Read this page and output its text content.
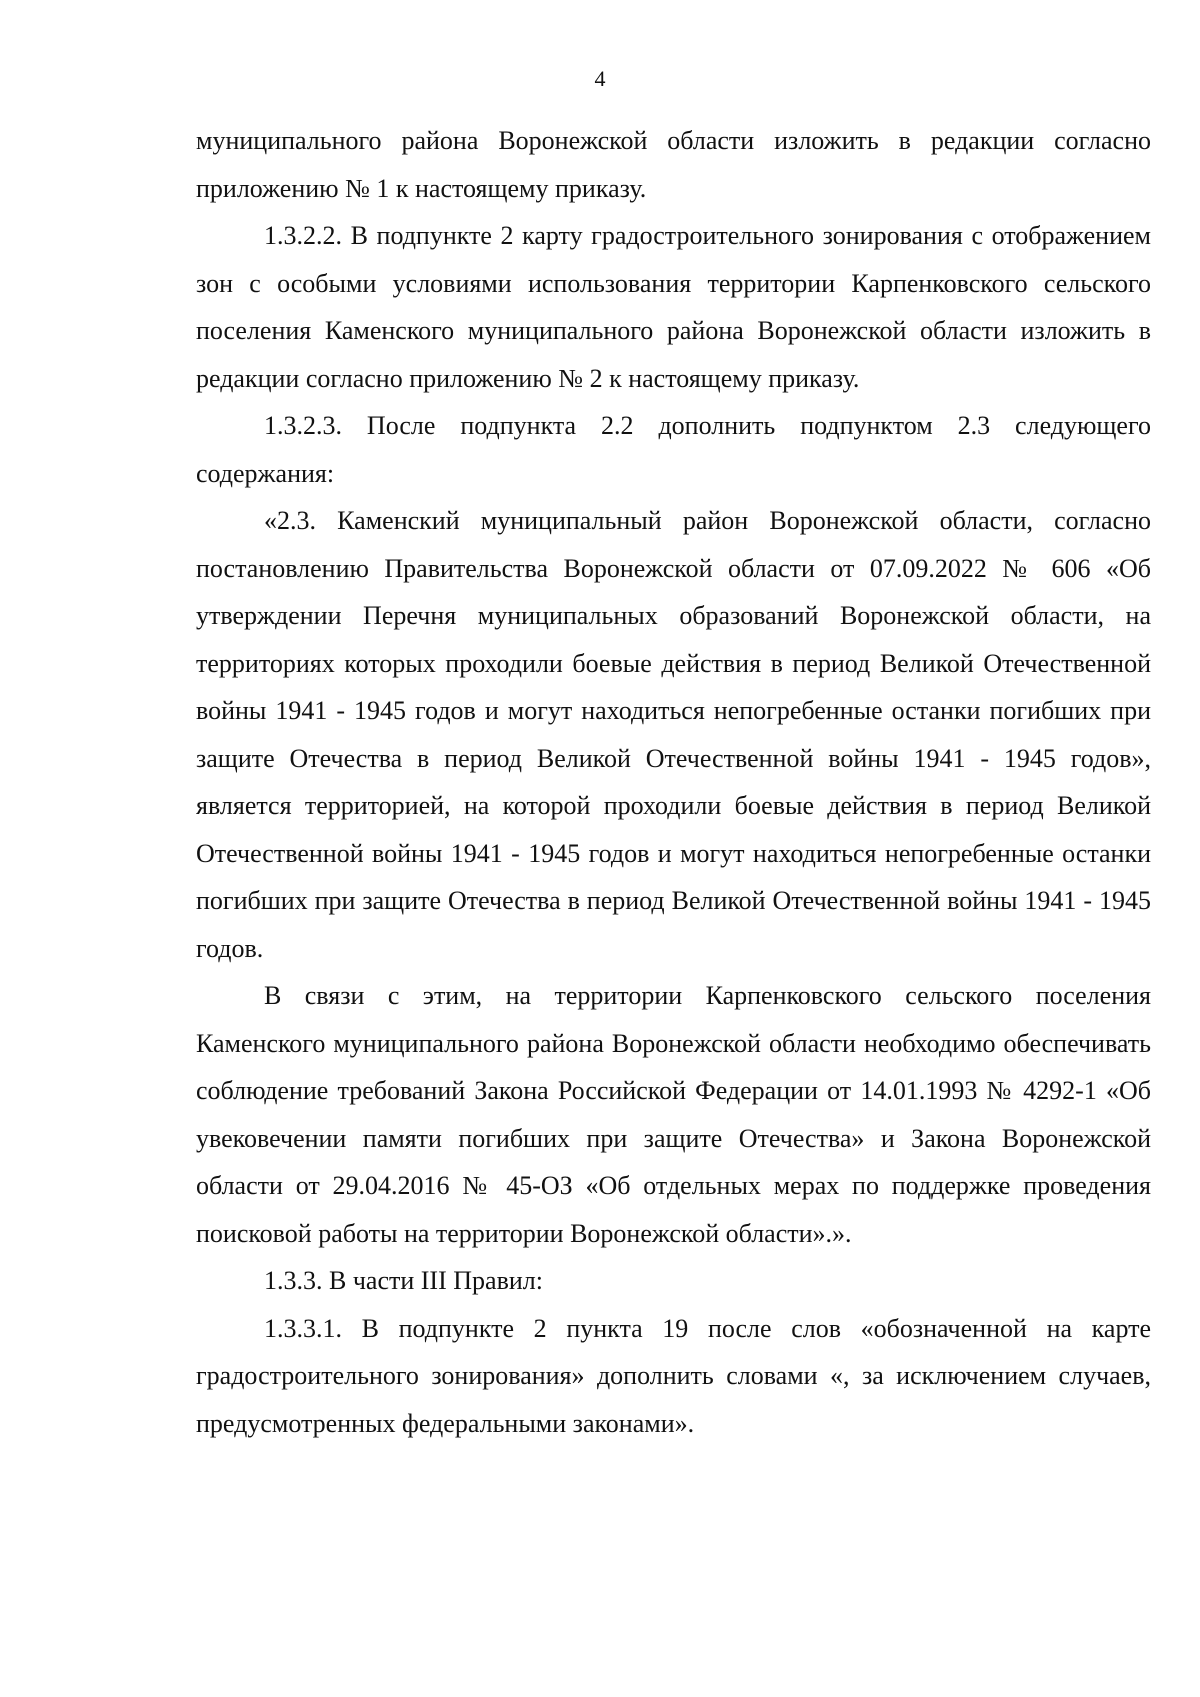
4

муниципального района Воронежской области изложить в редакции согласно приложению № 1 к настоящему приказу.

1.3.2.2. В подпункте 2 карту градостроительного зонирования с отображением зон с особыми условиями использования территории Карпенковского сельского поселения Каменского муниципального района Воронежской области изложить в редакции согласно приложению № 2 к настоящему приказу.

1.3.2.3. После подпункта 2.2 дополнить подпунктом 2.3 следующего содержания:

«2.3. Каменский муниципальный район Воронежской области, согласно постановлению Правительства Воронежской области от 07.09.2022 № 606 «Об утверждении Перечня муниципальных образований Воронежской области, на территориях которых проходили боевые действия в период Великой Отечественной войны 1941 - 1945 годов и могут находиться непогребенные останки погибших при защите Отечества в период Великой Отечественной войны 1941 - 1945 годов», является территорией, на которой проходили боевые действия в период Великой Отечественной войны 1941 - 1945 годов и могут находиться непогребенные останки погибших при защите Отечества в период Великой Отечественной войны 1941 - 1945 годов.

В связи с этим, на территории Карпенковского сельского поселения Каменского муниципального района Воронежской области необходимо обеспечивать соблюдение требований Закона Российской Федерации от 14.01.1993 № 4292-1 «Об увековечении памяти погибших при защите Отечества» и Закона Воронежской области от 29.04.2016 № 45-ОЗ «Об отдельных мерах по поддержке проведения поисковой работы на территории Воронежской области».».

1.3.3. В части III Правил:

1.3.3.1. В подпункте 2 пункта 19 после слов «обозначенной на карте градостроительного зонирования» дополнить словами «, за исключением случаев, предусмотренных федеральными законами».
